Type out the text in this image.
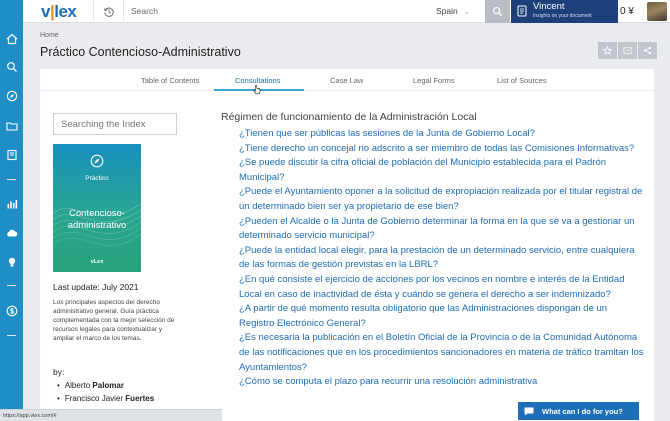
v|lex	Search	Spain ⌄
Vincent
Insights on your document	0 ¥
Home
Práctico Contencioso-Administrativo
Table of Contents	Consultations	Case Law	Legal Forms	List of Sources
Searching the Index
Práctico
Contencioso-administrativo
vLex
Last update: July 2021
Los principales aspectos del derecho administrativo general. Guía práctica complementada con la mejor selección de recursos legales para contextualizar y ampliar el marco de los temas.
by:
• Alberto Palomar
• Francisco Javier Fuertes
Régimen de funcionamiento de la Administración Local
¿Tienen que ser públicas las sesiones de la Junta de Gobierno Local?
¿Tiene derecho un concejal no adscrito a ser miembro de todas las Comisiones Informativas?
¿Se puede discutir la cifra oficial de población del Municipio establecida para el Padrón Municipal?
¿Puede el Ayuntamiento oponer a la solicitud de expropiación realizada por el titular registral de un determinado bien ser ya propietario de ese bien?
¿Pueden el Alcalde o la Junta de Gobierno determinar la forma en la que se va a gestionar un determinado servicio municipal?
¿Puede la entidad local elegir, para la prestación de un determinado servicio, entre cualquiera de las formas de gestión previstas en la LBRL?
¿En qué consiste el ejercicio de acciones por los vecinos en nombre e interés de la Entidad Local en caso de inactividad de ésta y cuándo se genera el derecho a ser indemnizado?
¿A partir de qué momento resulta obligatorio que las Administraciones dispongan de un Registro Electrónico General?
¿Es necesaria la publicación en el Boletín Oficial de la Provincia o de la Comunidad Autónoma de las notificaciones que en los procedimientos sancionadores en materia de tráfico tramitan los Ayuntamientos?
¿Cómo se computa el plazo para recurrir una resolución administrativa
https://app.vlex.com/#
What can I do for you?
